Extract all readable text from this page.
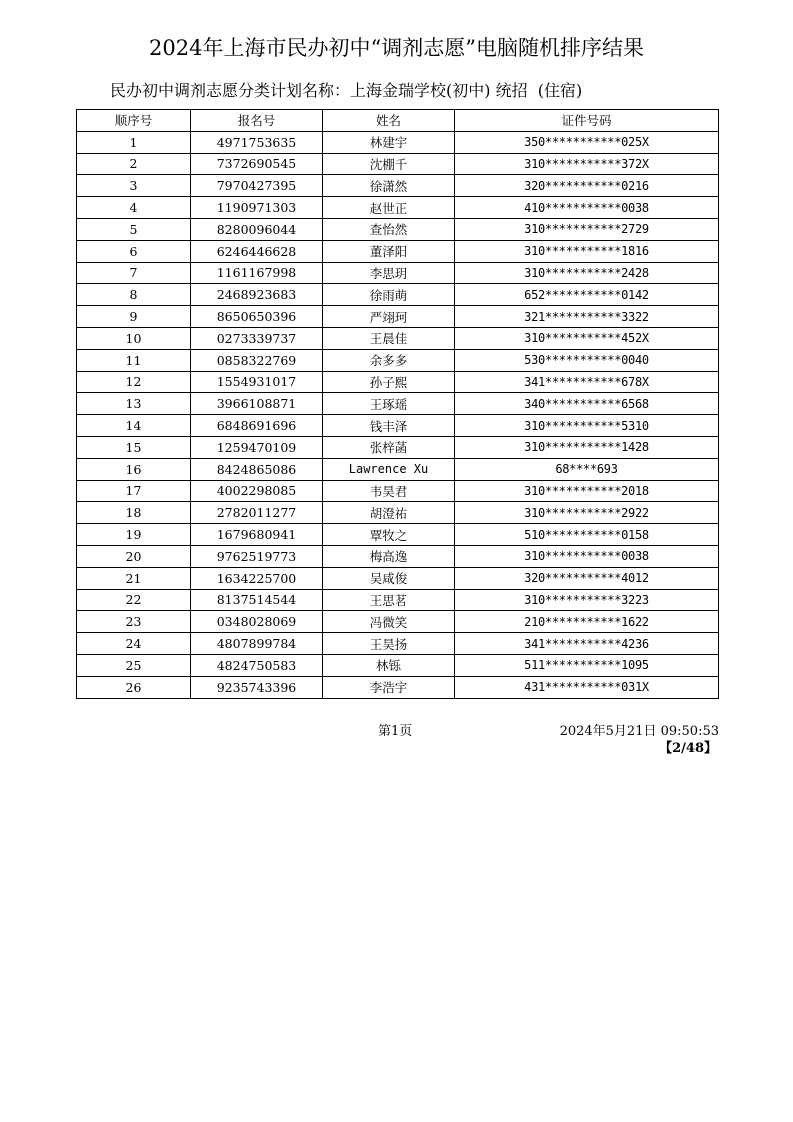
2024年上海市民办初中“调剂志愿”电脑随机排序结果
民办初中调剂志愿分类计划名称：上海金瑞学校(初中) 统招  (住宿)
顺序号	报名号	姓名	证件号码
1	4971753635	林建宇	350***********025X
2	7372690545	沈棚千	310***********372X
3	7970427395	徐潇然	320***********0216
4	1190971303	赵世正	410***********0038
5	8280096044	查怡然	310***********2729
6	6246446628	董泽阳	310***********1816
7	1161167998	李思玥	310***********2428
8	2468923683	徐雨萌	652***********0142
9	8650650396	严翊珂	321***********3322
10	0273339737	王晨佳	310***********452X
11	0858322769	余多多	530***********0040
12	1554931017	孙子熙	341***********678X
13	3966108871	王琢瑶	340***********6568
14	6848691696	钱丰泽	310***********5310
15	1259470109	张梓菡	310***********1428
16	8424865086	Lawrence Xu	68****693
17	4002298085	韦昊君	310***********2018
18	2782011277	胡澄祐	310***********2922
19	1679680941	覃牧之	510***********0158
20	9762519773	梅高逸	310***********0038
21	1634225700	吴咸俊	320***********4012
22	8137514544	王思茗	310***********3223
23	0348028069	冯微笑	210***********1622
24	4807899784	王昊扬	341***********4236
25	4824750583	林铄	511***********1095
26	9235743396	李浩宇	431***********031X
第1页	2024年5月21日 09:50:53
【2/48】
